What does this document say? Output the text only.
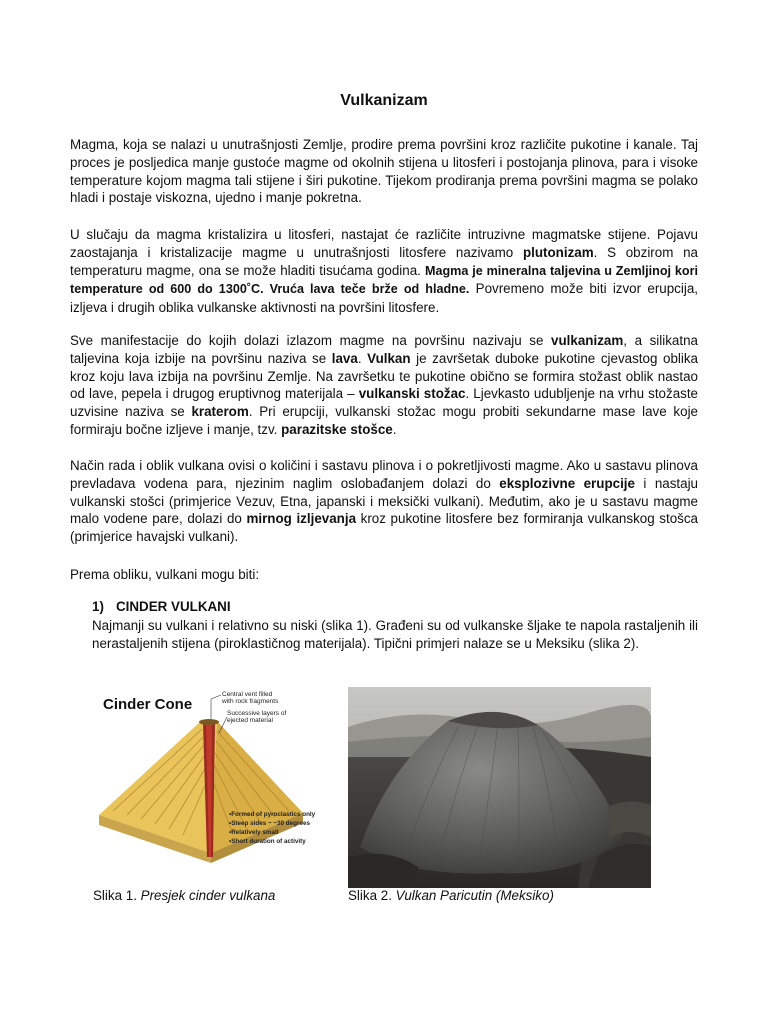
Vulkanizam

Magma, koja se nalazi u unutrašnjosti Zemlje, prodire prema površini kroz različite pukotine i kanale. Taj proces je posljedica manje gustoće magme od okolnih stijena u litosferi i postojanja plinova, para i visoke temperature kojom magma tali stijene i širi pukotine. Tijekom prodiranja prema površini magma se polako hladi i postaje viskozna, ujedno i manje pokretna.

U slučaju da magma kristalizira u litosferi, nastajat će različite intruzivne magmatske stijene. Pojavu zaostajanja i kristalizacije magme u unutrašnjosti litosfere nazivamo plutonizam. S obzirom na temperaturu magme, ona se može hladiti tisućama godina. Magma je mineralna taljevina u Zemljinoj kori temperature od 600 do 1300˚C. Vruća lava teče brže od hladne. Povremeno može biti izvor erupcija, izljeva i drugih oblika vulkanske aktivnosti na površini litosfere.

Sve manifestacije do kojih dolazi izlazom magme na površinu nazivaju se vulkanizam, a silikatna taljevina koja izbije na površinu naziva se lava. Vulkan je završetak duboke pukotine cjevastog oblika kroz koju lava izbija na površinu Zemlje. Na završetku te pukotine obično se formira stožast oblik nastao od lave, pepela i drugog eruptivnog materijala – vulkanski stožac. Ljevkasto udubljenje na vrhu stožaste uzvisine naziva se kraterom. Pri erupciji, vulkanski stožac mogu probiti sekundarne mase lave koje formiraju bočne izljeve i manje, tzv. parazitske stošce.

Način rada i oblik vulkana ovisi o količini i sastavu plinova i o pokretljivosti magme. Ako u sastavu plinova prevladava vodena para, njezinim naglim oslobađanjem dolazi do eksplozivne erupcije i nastaju vulkanski stošci (primjerice Vezuv, Etna, japanski i meksički vulkani). Međutim, ako je u sastavu magme malo vodene pare, dolazi do mirnog izljevanja kroz pukotine litosfere bez formiranja vulkanskog stošca (primjerice havajski vulkani).

Prema obliku, vulkani mogu biti:

1) CINDER VULKANI

Najmanji su vulkani i relativno su niski (slika 1). Građeni su od vulkanske šljake te napola rastaljenih ili nerastaljenih stijena (piroklastičnog materijala). Tipični primjeri nalaze se u Meksiku (slika 2).

Cinder Cone
Central vent filled
with rock fragments
Successive layers of
ejected material
•Formed of pyroclastics only
•Steep sides ~ ~30 degrees
•Relatively small
•Short duration of activity
Slika 1. Presjek cinder vulkana	Slika 2. Vulkan Paricutin (Meksiko)
